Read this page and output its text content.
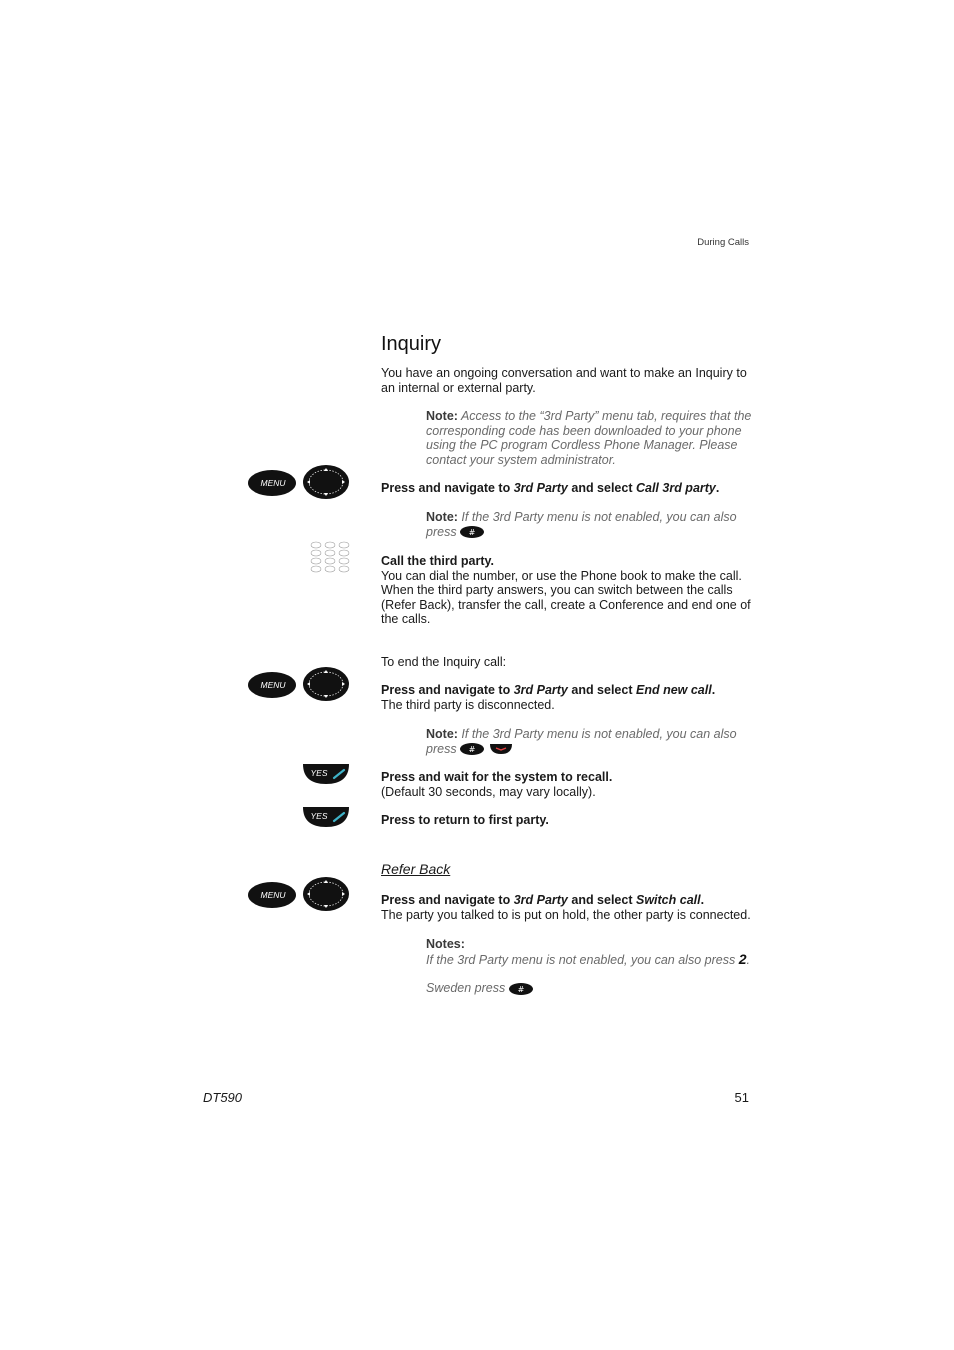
During Calls
Inquiry
You have an ongoing conversation and want to make an Inquiry to an internal or external party.
Note: Access to the “3rd Party” menu tab, requires that the corresponding code has been downloaded to your phone using the PC program Cordless Phone Manager. Please contact your system administrator.
MENU	Press and navigate to 3rd Party and select Call 3rd party.
Note: If the 3rd Party menu is not enabled, you can also press #
Call the third party.
You can dial the number, or use the Phone book to make the call. When the third party answers, you can switch between the calls (Refer Back), transfer the call, create a Conference and end one of the calls.
To end the Inquiry call:
MENU	Press and navigate to 3rd Party and select End new call.
The third party is disconnected.
Note: If the 3rd Party menu is not enabled, you can also press #

YES	Press and wait for the system to recall.
(Default 30 seconds, may vary locally).
YES	Press to return to first party.
Refer Back
MENU	Press and navigate to 3rd Party and select Switch call.
The party you talked to is put on hold, the other party is connected.
Notes:
If the 3rd Party menu is not enabled, you can also press 2.
Sweden press #
DT590	51
